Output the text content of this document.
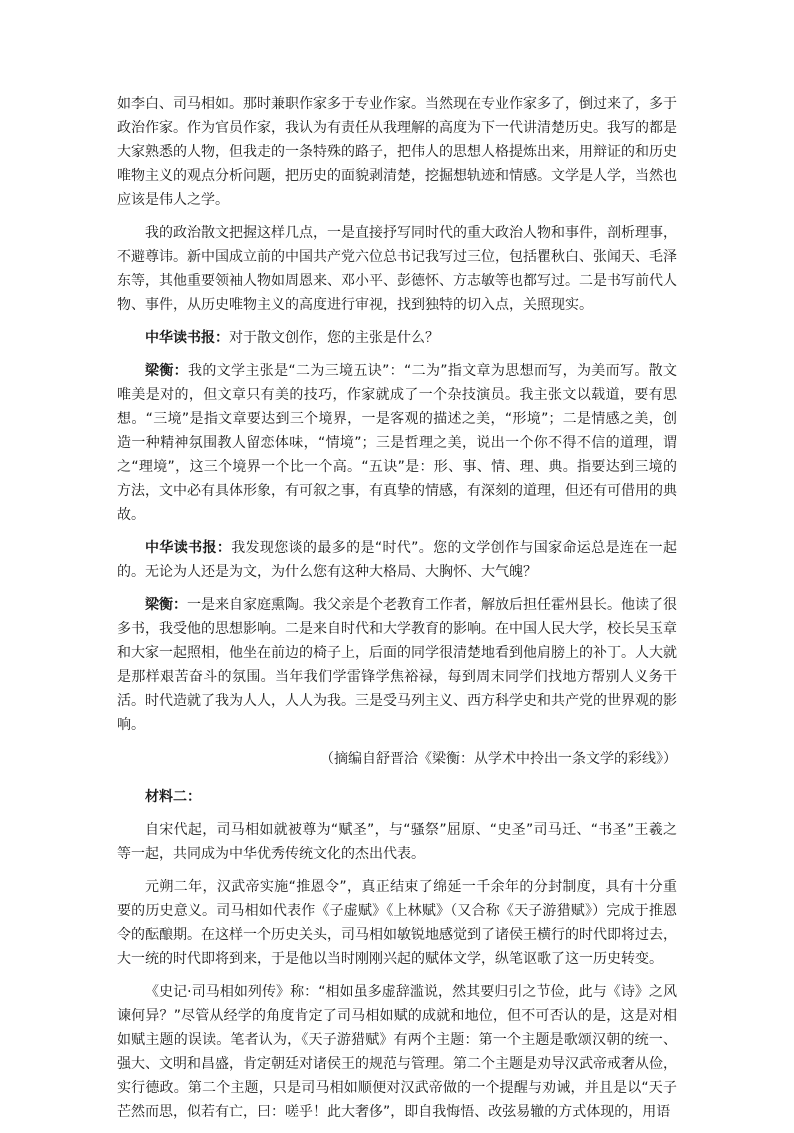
如李白、司马相如。那时兼职作家多于专业作家。当然现在专业作家多了，倒过来了，多于政治作家。作为官员作家，我认为有责任从我理解的高度为下一代讲清楚历史。我写的都是大家熟悉的人物，但我走的一条特殊的路子，把伟人的思想人格提炼出来，用辩证的和历史唯物主义的观点分析问题，把历史的面貌剥清楚，挖掘想轨迹和情感。文学是人学，当然也应该是伟人之学。

我的政治散文把握这样几点，一是直接抒写同时代的重大政治人物和事件，剖析理事，不避尊讳。新中国成立前的中国共产党六位总书记我写过三位，包括瞿秋白、张闻天、毛泽东等，其他重要领袖人物如周恩来、邓小平、彭德怀、方志敏等也都写过。二是书写前代人物、事件，从历史唯物主义的高度进行审视，找到独特的切入点，关照现实。

中华读书报：对于散文创作，您的主张是什么？

梁衡：我的文学主张是“二为三境五诀”：“二为”指文章为思想而写，为美而写。散文唯美是对的，但文章只有美的技巧，作家就成了一个杂技演员。我主张文以载道，要有思想。“三境”是指文章要达到三个境界，一是客观的描述之美，“形境”；二是情感之美，创造一种精神氛围教人留恋体味，“情境”；三是哲理之美，说出一个你不得不信的道理，谓之“理境”，这三个境界一个比一个高。“五诀”是：形、事、情、理、典。指要达到三境的方法，文中必有具体形象，有可叙之事，有真挚的情感，有深刻的道理，但还有可借用的典故。

中华读书报：我发现您谈的最多的是“时代”。您的文学创作与国家命运总是连在一起的。无论为人还是为文，为什么您有这种大格局、大胸怀、大气魄？

梁衡：一是来自家庭熏陶。我父亲是个老教育工作者，解放后担任霍州县长。他读了很多书，我受他的思想影响。二是来自时代和大学教育的影响。在中国人民大学，校长吴玉章和大家一起照相，他坐在前边的椅子上，后面的同学很清楚地看到他肩膀上的补丁。人大就是那样艰苦奋斗的氛围。当年我们学雷锋学焦裕禄，每到周末同学们找地方帮别人义务干活。时代造就了我为人人，人人为我。三是受马列主义、西方科学史和共产党的世界观的影响。

（摘编自舒晋洽《梁衡：从学术中拎出一条文学的彩线》）

材料二：

自宋代起，司马相如就被尊为“赋圣”，与“骚祭”屈原、“史圣”司马迁、“书圣”王羲之等一起，共同成为中华优秀传统文化的杰出代表。

元朔二年，汉武帝实施“推恩令”，真正结束了绵延一千余年的分封制度，具有十分重要的历史意义。司马相如代表作《子虚赋》《上林赋》（又合称《天子游猎赋》）完成于推恩令的酝酿期。在这样一个历史关头，司马相如敏锐地感觉到了诸侯王横行的时代即将过去，大一统的时代即将到来，于是他以当时刚刚兴起的赋体文学，纵笔讴歌了这一历史转变。

《史记·司马相如列传》称：“相如虽多虚辞滥说，然其要归引之节俭，此与《诗》之风谏何异？”尽管从经学的角度肯定了司马相如赋的成就和地位，但不可否认的是，这是对相如赋主题的误读。笔者认为，《天子游猎赋》有两个主题：第一个主题是歌颂汉朝的统一、强大、文明和昌盛，肯定朝廷对诸侯王的规范与管理。第二个主题是劝导汉武帝戒奢从俭，实行德政。第二个主题，只是司马相如顺便对汉武帝做的一个提醒与劝诫，并且是以“天子芒然而思，似若有亡，曰：嗟乎！此大奢侈”，即自我悔悟、改弦易辙的方式体现的，用语
